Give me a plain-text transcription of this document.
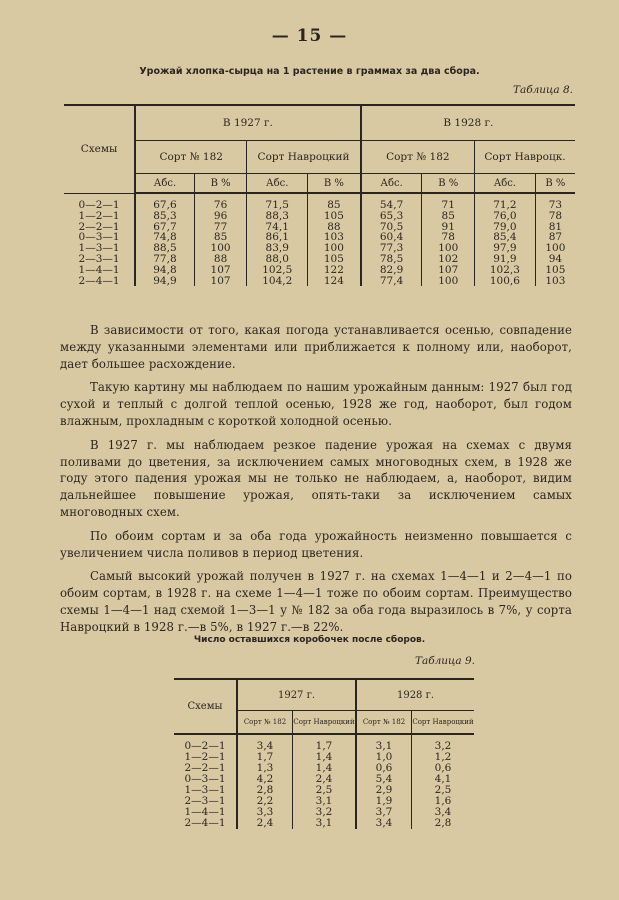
— 15 —
Урожай хлопка-сырца на 1 растение в граммах за два сбора.
Таблица 8.
Схемы	В 1927 г.				В 1928 г.			
	Сорт № 182		Сорт Навроцкий		Сорт № 182		Сорт Навроцк.	
	Абс.	В %	Абс.	В %	Абс.	В %	Абс.	В %
0—2—1	67,6	76	71,5	85	54,7	71	71,2	73
1—2—1	85,3	96	88,3	105	65,3	85	76,0	78
2—2—1	67,7	77	74,1	88	70,5	91	79,0	81
0—3—1	74,8	85	86,1	103	60,4	78	85,4	87
1—3—1	88,5	100	83,9	100	77,3	100	97,9	100
2—3—1	77,8	88	88,0	105	78,5	102	91,9	94
1—4—1	94,8	107	102,5	122	82,9	107	102,3	105
2—4—1	94,9	107	104,2	124	77,4	100	100,6	103

В зависимости от того, какая погода устанавливается осенью, совпадение между указанными элементами или приближается к полному или, наоборот, дает большее расхождение.

Такую картину мы наблюдаем по нашим урожайным данным: 1927 был год сухой и теплый с долгой теплой осенью, 1928 же год, наоборот, был годом влажным, прохладным с короткой холодной осенью.

В 1927 г. мы наблюдаем резкое падение урожая на схемах с двумя поливами до цветения, за исключением самых многоводных схем, в 1928 же году этого падения урожая мы не только не наблюдаем, а, наоборот, видим дальнейшее повышение урожая, опять-таки за исключением самых многоводных схем.

По обоим сортам и за оба года урожайность неизменно повышается с увеличением числа поливов в период цветения.

Самый высокий урожай получен в 1927 г. на схемах 1—4—1 и 2—4—1 по обоим сортам, в 1928 г. на схеме 1—4—1 тоже по обоим сортам. Преимущество схемы 1—4—1 над схемой 1—3—1 у № 182 за оба года выразилось в 7%, у сорта Навроцкий в 1928 г.—в 5%, в 1927 г.—в 22%.

Число оставшихся коробочек после сборов.
Таблица 9.
Схемы	1927 г.		1928 г.	
	Сорт № 182	Сорт Навроцкий	Сорт № 182	Сорт Навроцкий
0—2—1	3,4	1,7	3,1	3,2
1—2—1	1,7	1,4	1,0	1,2
2—2—1	1,3	1,4	0,6	0,6
0—3—1	4,2	2,4	5,4	4,1
1—3—1	2,8	2,5	2,9	2,5
2—3—1	2,2	3,1	1,9	1,6
1—4—1	3,3	3,2	3,7	3,4
2—4—1	2,4	3,1	3,4	2,8
